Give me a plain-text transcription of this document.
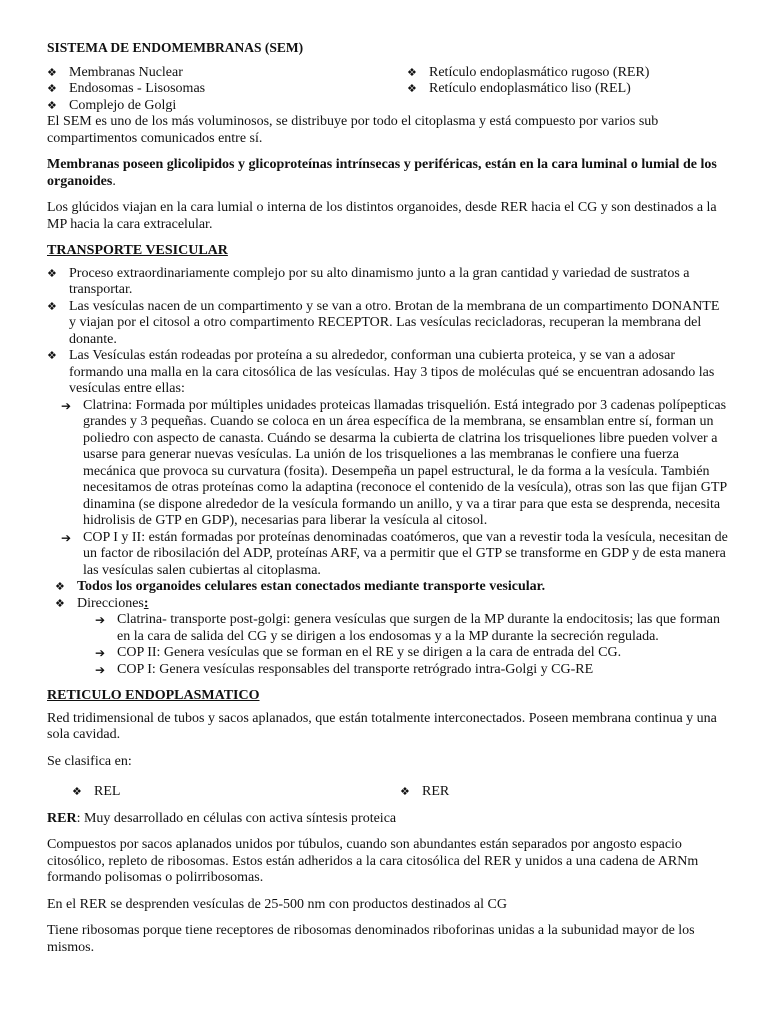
SISTEMA DE ENDOMEMBRANAS (SEM)
❖ Membranas Nuclear
❖ Endosomas - Lisosomas
❖ Complejo de Golgi
❖ Retículo endoplasmático rugoso (RER)
❖ Retículo endoplasmático liso (REL)

El SEM es uno de los más voluminosos, se distribuye por todo el citoplasma y está compuesto por varios sub compartimentos comunicados entre sí.

Membranas poseen glicolipidos y glicoproteínas intrínsecas y periféricas, están en la cara luminal o lumial de los organoides.

Los glúcidos viajan en la cara lumial o interna de los distintos organoides, desde RER hacia el CG y son destinados a la MP hacia la cara extracelular.

TRANSPORTE VESICULAR
❖ Proceso extraordinariamente complejo por su alto dinamismo junto a la gran cantidad y variedad de sustratos a transportar.
❖ Las vesículas nacen de un compartimento y se van a otro. Brotan de la membrana de un compartimento DONANTE y viajan por el citosol a otro compartimento RECEPTOR. Las vesículas recicladoras, recuperan la membrana del donante.
❖ Las Vesículas están rodeadas por proteína a su alrededor, conforman una cubierta proteica, y se van a adosar formando una malla en la cara citosólica de las vesículas. Hay 3 tipos de moléculas qué se encuentran adosando las vesículas entre ellas:
➔ Clatrina: Formada por múltiples unidades proteicas llamadas trisquelión. Está integrado por 3 cadenas polípepticas grandes y 3 pequeñas. Cuando se coloca en un área específica de la membrana, se ensamblan entre sí, forman un poliedro con aspecto de canasta. Cuándo se desarma la cubierta de clatrina los trisqueliones libre pueden volver a usarse para generar nuevas vesículas. La unión de los trisqueliones a las membranas le confiere una fuerza mecánica que provoca su curvatura (fosita). Desempeña un papel estructural, le da forma a la vesícula. También necesitamos de otras proteínas como la adaptina (reconoce el contenido de la vesícula), otras son las que fijan GTP dinamina (se dispone alrededor de la vesícula formando un anillo, y va a tirar para que esta se desprenda, necesita hidrolisis de GTP en GDP), necesarias para liberar la vesícula al citosol.
➔ COP I y II: están formadas por proteínas denominadas coatómeros, que van a revestir toda la vesícula, necesitan de un factor de ribosilación del ADP, proteínas ARF, va a permitir que el GTP se transforme en GDP y de esta manera las vesículas salen cubiertas al citoplasma.
❖ Todos los organoides celulares estan conectados mediante transporte vesicular.
❖ Direcciones:
➔ Clatrina- transporte post-golgi: genera vesículas que surgen de la MP durante la endocitosis; las que forman en la cara de salida del CG y se dirigen a los endosomas y a la MP durante la secreción regulada.
➔ COP II: Genera vesículas que se forman en el RE y se dirigen a la cara de entrada del CG.
➔ COP I: Genera vesículas responsables del transporte retrógrado intra-Golgi y CG-RE
RETICULO ENDOPLASMATICO

Red tridimensional de tubos y sacos aplanados, que están totalmente interconectados. Poseen membrana continua y una sola cavidad.

Se clasifica en:

❖ REL
❖	RER

RER: Muy desarrollado en células con activa síntesis proteica

Compuestos por sacos aplanados unidos por túbulos, cuando son abundantes están separados por angosto espacio citosólico, repleto de ribosomas. Estos están adheridos a la cara citosólica del RER y unidos a una cadena de ARNm formando polisomas o polirribosomas.

En el RER se desprenden vesículas de 25-500 nm con productos destinados al CG

Tiene ribosomas porque tiene receptores de ribosomas denominados riboforinas unidas a la subunidad mayor de los mismos.
